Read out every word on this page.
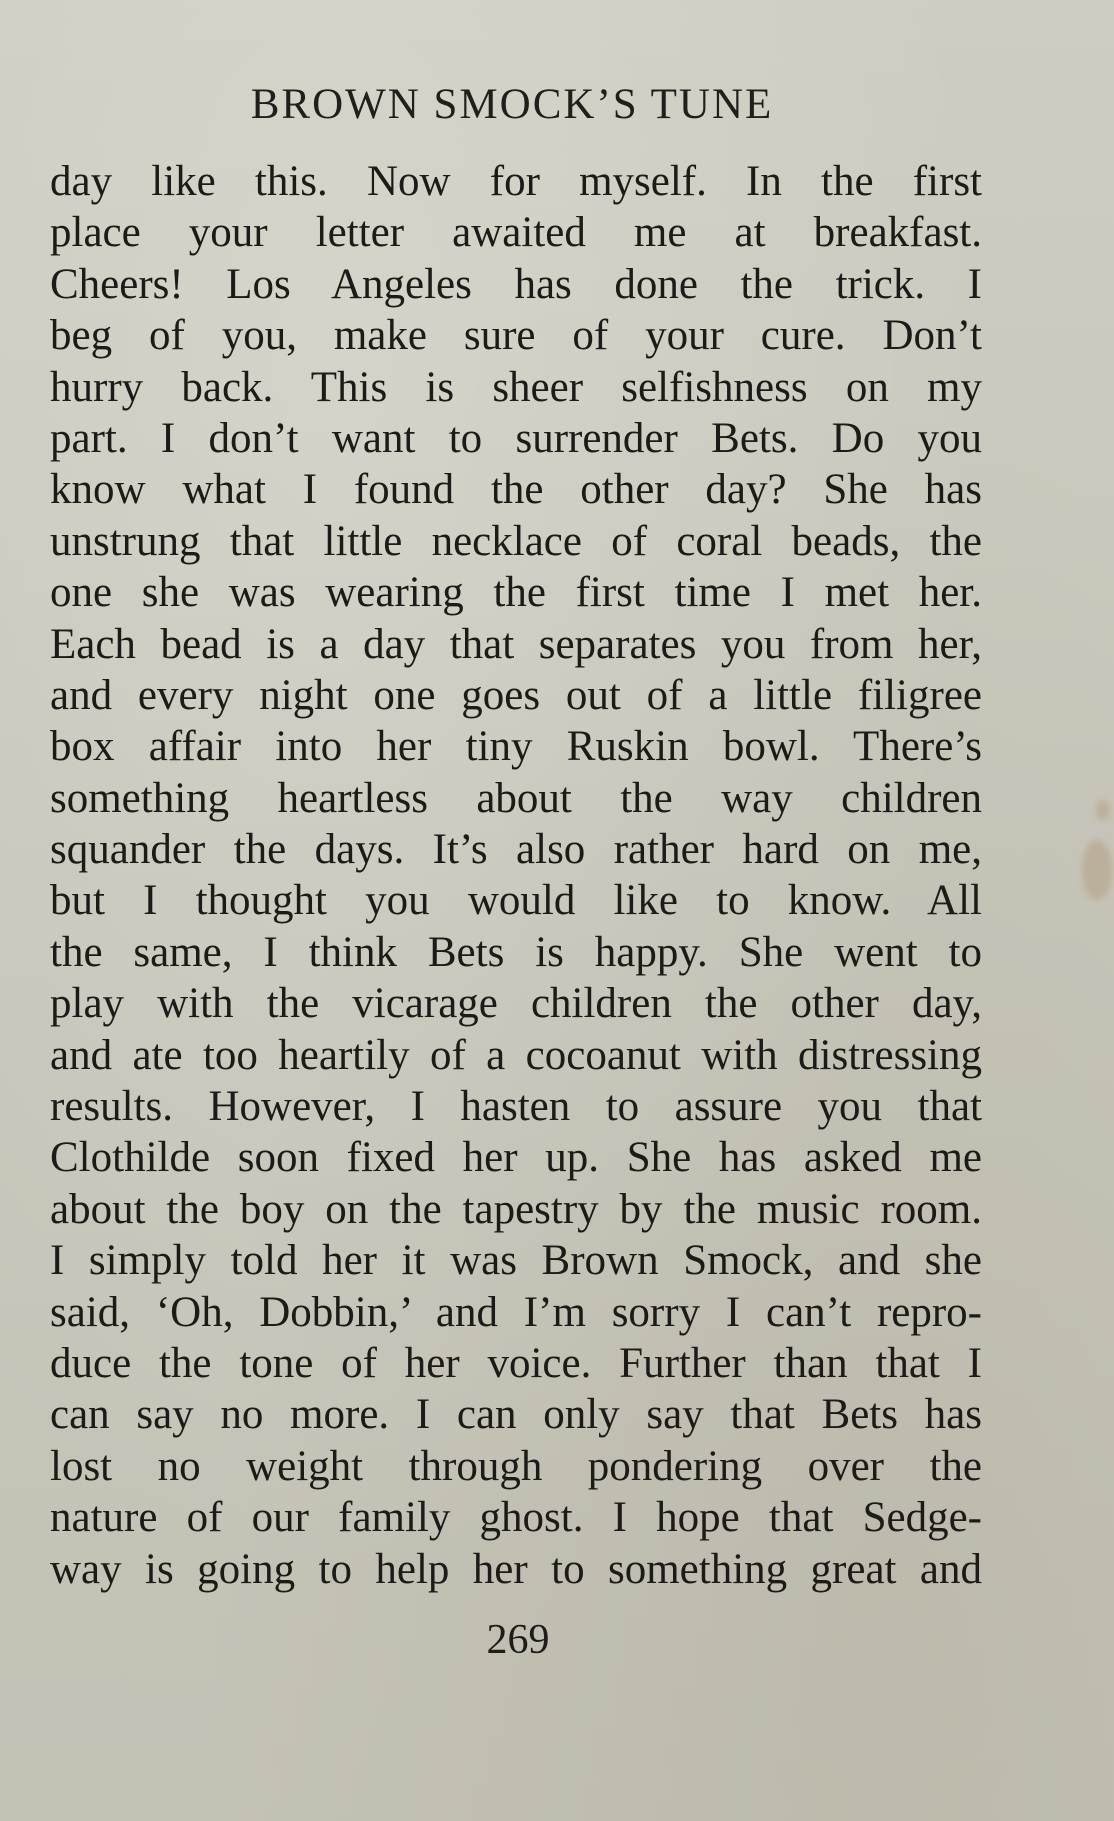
BROWN SMOCK’S TUNE
day like this. Now for myself. In the first
place your letter awaited me at breakfast.
Cheers! Los Angeles has done the trick. I
beg of you, make sure of your cure. Don’t
hurry back. This is sheer selfishness on my
part. I don’t want to surrender Bets. Do you
know what I found the other day? She has
unstrung that little necklace of coral beads, the
one she was wearing the first time I met her.
Each bead is a day that separates you from her,
and every night one goes out of a little filigree
box affair into her tiny Ruskin bowl. There’s
something heartless about the way children
squander the days. It’s also rather hard on me,
but I thought you would like to know. All
the same, I think Bets is happy. She went to
play with the vicarage children the other day,
and ate too heartily of a cocoanut with distressing
results. However, I hasten to assure you that
Clothilde soon fixed her up. She has asked me
about the boy on the tapestry by the music room.
I simply told her it was Brown Smock, and she
said, ‘Oh, Dobbin,’ and I’m sorry I can’t repro-
duce the tone of her voice. Further than that I
can say no more. I can only say that Bets has
lost no weight through pondering over the
nature of our family ghost. I hope that Sedge-
way is going to help her to something great and
269
